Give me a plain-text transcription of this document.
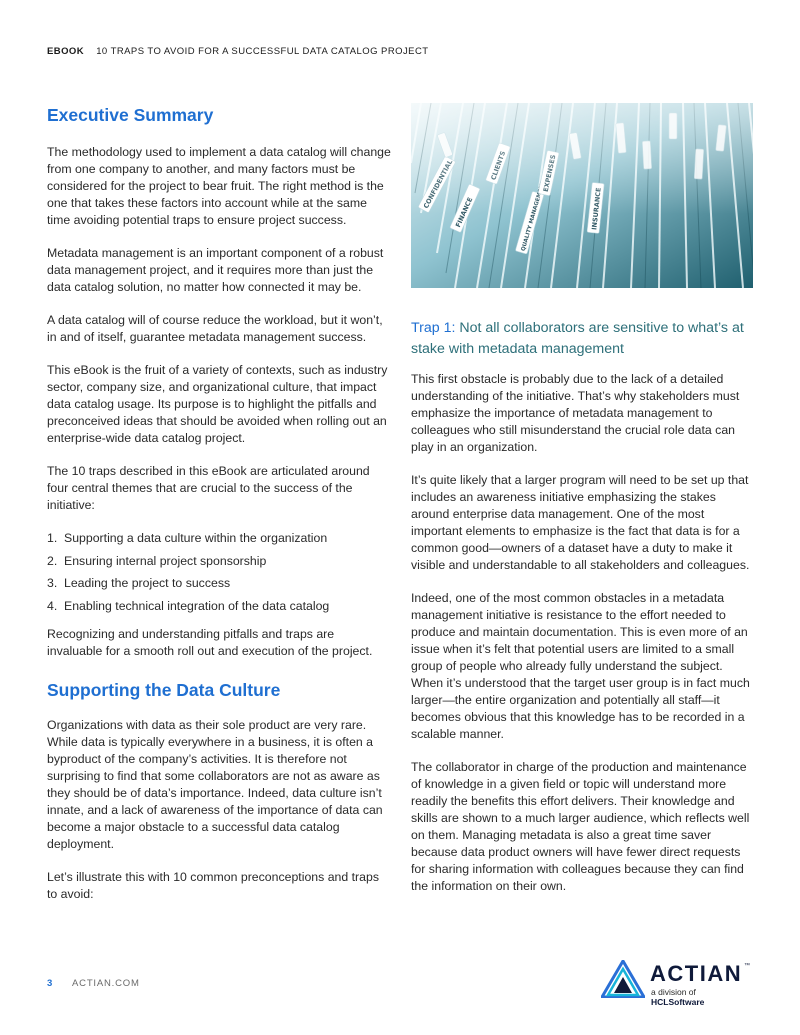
EBOOK 10 TRAPS TO AVOID FOR A SUCCESSFUL DATA CATALOG PROJECT
Executive Summary

The methodology used to implement a data catalog will change from one company to another, and many factors must be considered for the project to bear fruit. The right method is the one that takes these factors into account while at the same time avoiding potential traps to ensure project success.

Metadata management is an important component of a robust data management project, and it requires more than just the data catalog solution, no matter how connected it may be.

A data catalog will of course reduce the workload, but it won’t, in and of itself, guarantee metadata management success.

This eBook is the fruit of a variety of contexts, such as industry sector, company size, and organizational culture, that impact data catalog usage. Its purpose is to highlight the pitfalls and preconceived ideas that should be avoided when rolling out an enterprise-wide data catalog project.

The 10 traps described in this eBook are articulated around four central themes that are crucial to the success of the initiative:

1. Supporting a data culture within the organization
2. Ensuring internal project sponsorship
3. Leading the project to success
4. Enabling technical integration of the data catalog

Recognizing and understanding pitfalls and traps are invaluable for a smooth roll out and execution of the project.

Supporting the Data Culture

Organizations with data as their sole product are very rare. While data is typically everywhere in a business, it is often a byproduct of the company’s activities. It is therefore not surprising to find that some collaborators are not as aware as they should be of data’s importance. Indeed, data culture isn’t innate, and a lack of awareness of the importance of data can become a major obstacle to a successful data catalog deployment.

Let’s illustrate this with 10 common preconceptions and traps to avoid:

Trap 1: Not all collaborators are sensitive to what’s at stake with metadata management

This first obstacle is probably due to the lack of a detailed understanding of the initiative. That’s why stakeholders must emphasize the importance of metadata management to colleagues who still misunderstand the crucial role data can play in an organization.

It’s quite likely that a larger program will need to be set up that includes an awareness initiative emphasizing the stakes around enterprise data management. One of the most important elements to emphasize is the fact that data is for a common good—owners of a dataset have a duty to make it visible and understandable to all stakeholders and colleagues.

Indeed, one of the most common obstacles in a metadata management initiative is resistance to the effort needed to produce and maintain documentation. This is even more of an issue when it’s felt that potential users are limited to a small group of people who already fully understand the subject. When it’s understood that the target user group is in fact much larger—the entire organization and potentially all staff—it becomes obvious that this knowledge has to be recorded in a scalable manner.

The collaborator in charge of the production and maintenance of knowledge in a given field or topic will understand more readily the benefits this effort delivers. Their knowledge and skills are shown to a much larger audience, which reflects well on them. Managing metadata is also a great time saver because data product owners will have fewer direct requests for sharing information with colleagues because they can find the information on their own.

3 ACTIAN.COM	ACTIAN ™
a division of HCLSoftware
